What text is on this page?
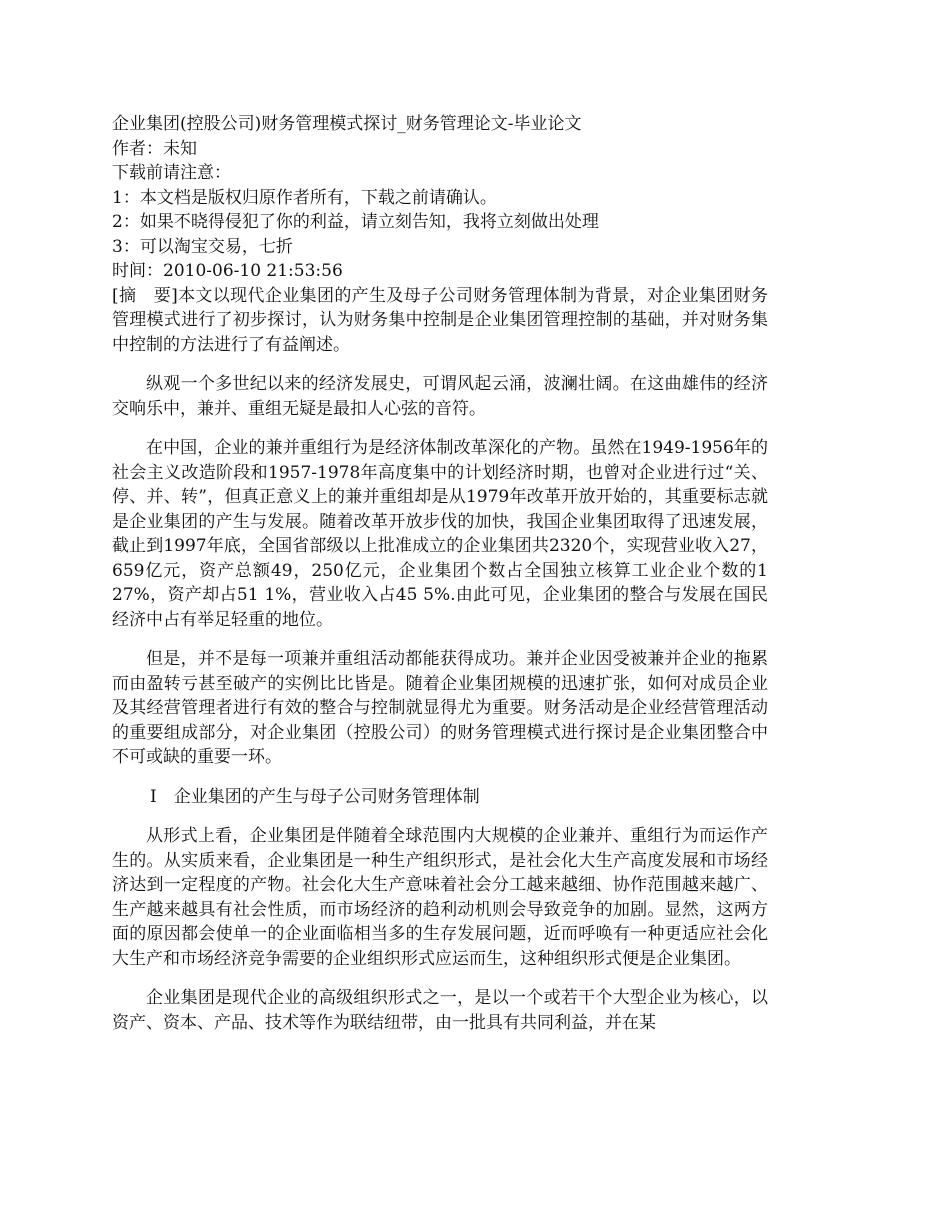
企业集团(控股公司)财务管理模式探讨_财务管理论文-毕业论文

作者：未知

下载前请注意：

1：本文档是版权归原作者所有，下载之前请确认。

2：如果不晓得侵犯了你的利益，请立刻告知，我将立刻做出处理

3：可以淘宝交易，七折

时间：2010-06-10 21:53:56

[摘　要]本文以现代企业集团的产生及母子公司财务管理体制为背景，对企业集团财务管理模式进行了初步探讨，认为财务集中控制是企业集团管理控制的基础，并对财务集中控制的方法进行了有益阐述。

纵观一个多世纪以来的经济发展史，可谓风起云涌，波澜壮阔。在这曲雄伟的经济交响乐中，兼并、重组无疑是最扣人心弦的音符。

在中国，企业的兼并重组行为是经济体制改革深化的产物。虽然在1949-1956年的社会主义改造阶段和1957-1978年高度集中的计划经济时期，也曾对企业进行过“关、停、并、转”，但真正意义上的兼并重组却是从1979年改革开放开始的，其重要标志就是企业集团的产生与发展。随着改革开放步伐的加快，我国企业集团取得了迅速发展，截止到1997年底，全国省部级以上批准成立的企业集团共2320个，实现营业收入27，659亿元，资产总额49，250亿元，企业集团个数占全国独立核算工业企业个数的1 27%，资产却占51 1%，营业收入占45 5%.由此可见，企业集团的整合与发展在国民经济中占有举足轻重的地位。

但是，并不是每一项兼并重组活动都能获得成功。兼并企业因受被兼并企业的拖累而由盈转亏甚至破产的实例比比皆是。随着企业集团规模的迅速扩张，如何对成员企业及其经营管理者进行有效的整合与控制就显得尤为重要。财务活动是企业经营管理活动的重要组成部分，对企业集团（控股公司）的财务管理模式进行探讨是企业集团整合中不可或缺的重要一环。

Ⅰ　企业集团的产生与母子公司财务管理体制

从形式上看，企业集团是伴随着全球范围内大规模的企业兼并、重组行为而运作产生的。从实质来看，企业集团是一种生产组织形式，是社会化大生产高度发展和市场经济达到一定程度的产物。社会化大生产意味着社会分工越来越细、协作范围越来越广、生产越来越具有社会性质，而市场经济的趋利动机则会导致竞争的加剧。显然，这两方面的原因都会使单一的企业面临相当多的生存发展问题，近而呼唤有一种更适应社会化大生产和市场经济竞争需要的企业组织形式应运而生，这种组织形式便是企业集团。

企业集团是现代企业的高级组织形式之一，是以一个或若干个大型企业为核心，以资产、资本、产品、技术等作为联结纽带，由一批具有共同利益，并在某
